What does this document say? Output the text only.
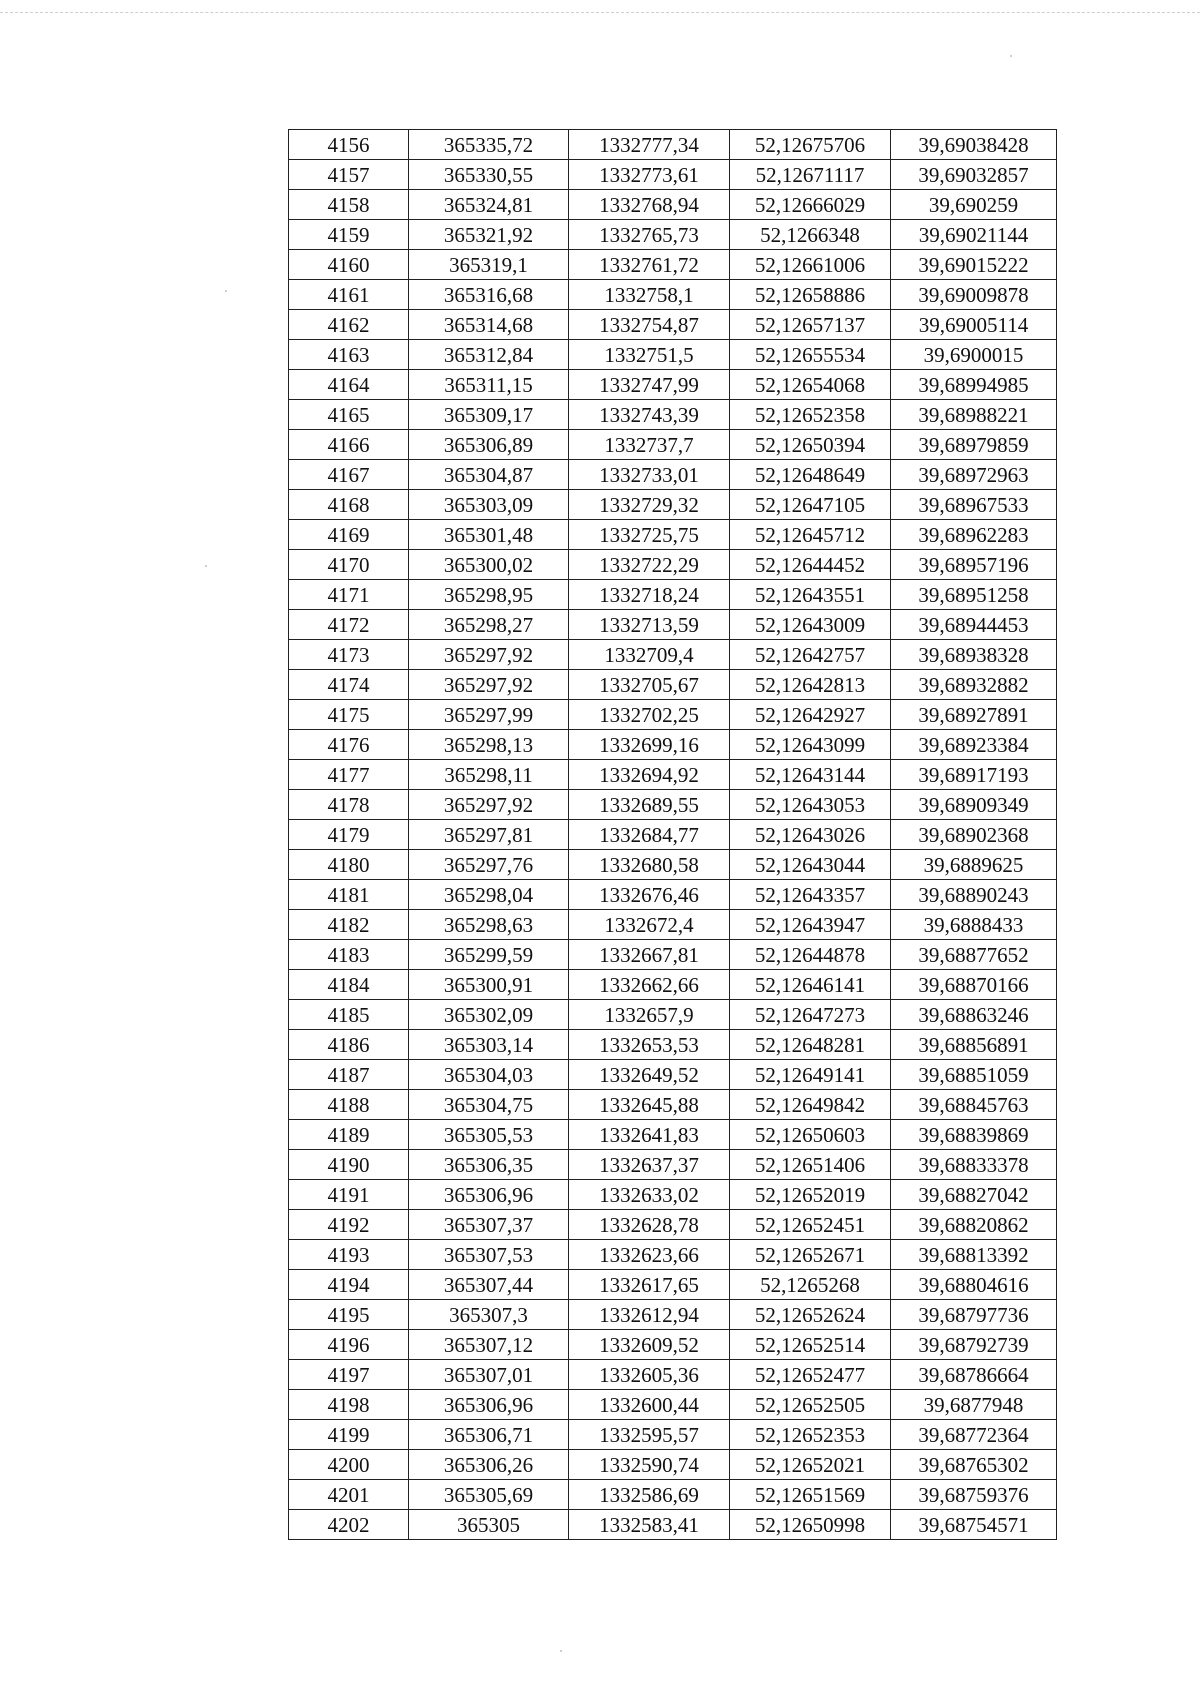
4156	365335,72	1332777,34	52,12675706	39,69038428
4157	365330,55	1332773,61	52,12671117	39,69032857
4158	365324,81	1332768,94	52,12666029	39,690259
4159	365321,92	1332765,73	52,1266348	39,69021144
4160	365319,1	1332761,72	52,12661006	39,69015222
4161	365316,68	1332758,1	52,12658886	39,69009878
4162	365314,68	1332754,87	52,12657137	39,69005114
4163	365312,84	1332751,5	52,12655534	39,6900015
4164	365311,15	1332747,99	52,12654068	39,68994985
4165	365309,17	1332743,39	52,12652358	39,68988221
4166	365306,89	1332737,7	52,12650394	39,68979859
4167	365304,87	1332733,01	52,12648649	39,68972963
4168	365303,09	1332729,32	52,12647105	39,68967533
4169	365301,48	1332725,75	52,12645712	39,68962283
4170	365300,02	1332722,29	52,12644452	39,68957196
4171	365298,95	1332718,24	52,12643551	39,68951258
4172	365298,27	1332713,59	52,12643009	39,68944453
4173	365297,92	1332709,4	52,12642757	39,68938328
4174	365297,92	1332705,67	52,12642813	39,68932882
4175	365297,99	1332702,25	52,12642927	39,68927891
4176	365298,13	1332699,16	52,12643099	39,68923384
4177	365298,11	1332694,92	52,12643144	39,68917193
4178	365297,92	1332689,55	52,12643053	39,68909349
4179	365297,81	1332684,77	52,12643026	39,68902368
4180	365297,76	1332680,58	52,12643044	39,6889625
4181	365298,04	1332676,46	52,12643357	39,68890243
4182	365298,63	1332672,4	52,12643947	39,6888433
4183	365299,59	1332667,81	52,12644878	39,68877652
4184	365300,91	1332662,66	52,12646141	39,68870166
4185	365302,09	1332657,9	52,12647273	39,68863246
4186	365303,14	1332653,53	52,12648281	39,68856891
4187	365304,03	1332649,52	52,12649141	39,68851059
4188	365304,75	1332645,88	52,12649842	39,68845763
4189	365305,53	1332641,83	52,12650603	39,68839869
4190	365306,35	1332637,37	52,12651406	39,68833378
4191	365306,96	1332633,02	52,12652019	39,68827042
4192	365307,37	1332628,78	52,12652451	39,68820862
4193	365307,53	1332623,66	52,12652671	39,68813392
4194	365307,44	1332617,65	52,1265268	39,68804616
4195	365307,3	1332612,94	52,12652624	39,68797736
4196	365307,12	1332609,52	52,12652514	39,68792739
4197	365307,01	1332605,36	52,12652477	39,68786664
4198	365306,96	1332600,44	52,12652505	39,6877948
4199	365306,71	1332595,57	52,12652353	39,68772364
4200	365306,26	1332590,74	52,12652021	39,68765302
4201	365305,69	1332586,69	52,12651569	39,68759376
4202	365305	1332583,41	52,12650998	39,68754571
